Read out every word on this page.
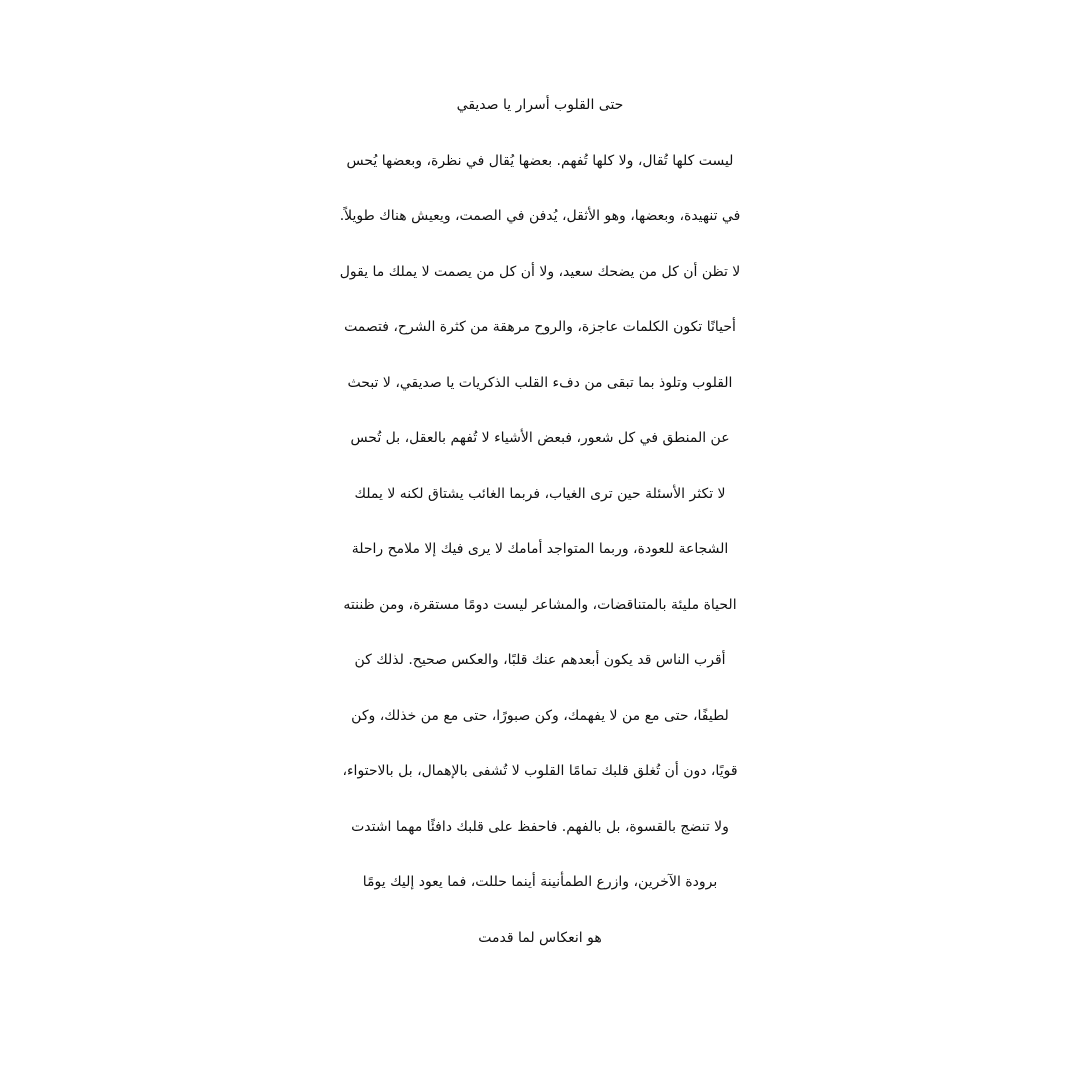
حتى القلوب أسرار يا صديقي
ليست كلها تُقال، ولا كلها تُفهم. بعضها يُقال في نظرة، وبعضها يُحس
في تنهيدة، وبعضها، وهو الأثقل، يُدفن في الصمت، ويعيش هناك طويلاً.
لا تظن أن كل من يضحك سعيد، ولا أن كل من يصمت لا يملك ما يقول
أحيانًا تكون الكلمات عاجزة، والروح مرهقة من كثرة الشرح، فتصمت
القلوب وتلوذ بما تبقى من دفء القلب الذكريات يا صديقي، لا تبحث
عن المنطق في كل شعور، فبعض الأشياء لا تُفهم بالعقل، بل تُحس
لا تكثر الأسئلة حين ترى الغياب، فربما الغائب يشتاق لكنه لا يملك
الشجاعة للعودة، وربما المتواجد أمامك لا يرى فيك إلا ملامح راحلة
الحياة مليئة بالمتناقضات، والمشاعر ليست دومًا مستقرة، ومن ظننته
أقرب الناس قد يكون أبعدهم عنك قلبًا، والعكس صحيح. لذلك كن
لطيفًا، حتى مع من لا يفهمك، وكن صبورًا، حتى مع من خذلك، وكن
قويًا، دون أن تُغلق قلبك تمامًا القلوب لا تُشفى بالإهمال، بل بالاحتواء،
ولا تنضج بالقسوة، بل بالفهم. فاحفظ على قلبك دافئًا مهما اشتدت
برودة الآخرين، وازرع الطمأنينة أينما حللت، فما يعود إليك يومًا
هو انعكاس لما قدمت
